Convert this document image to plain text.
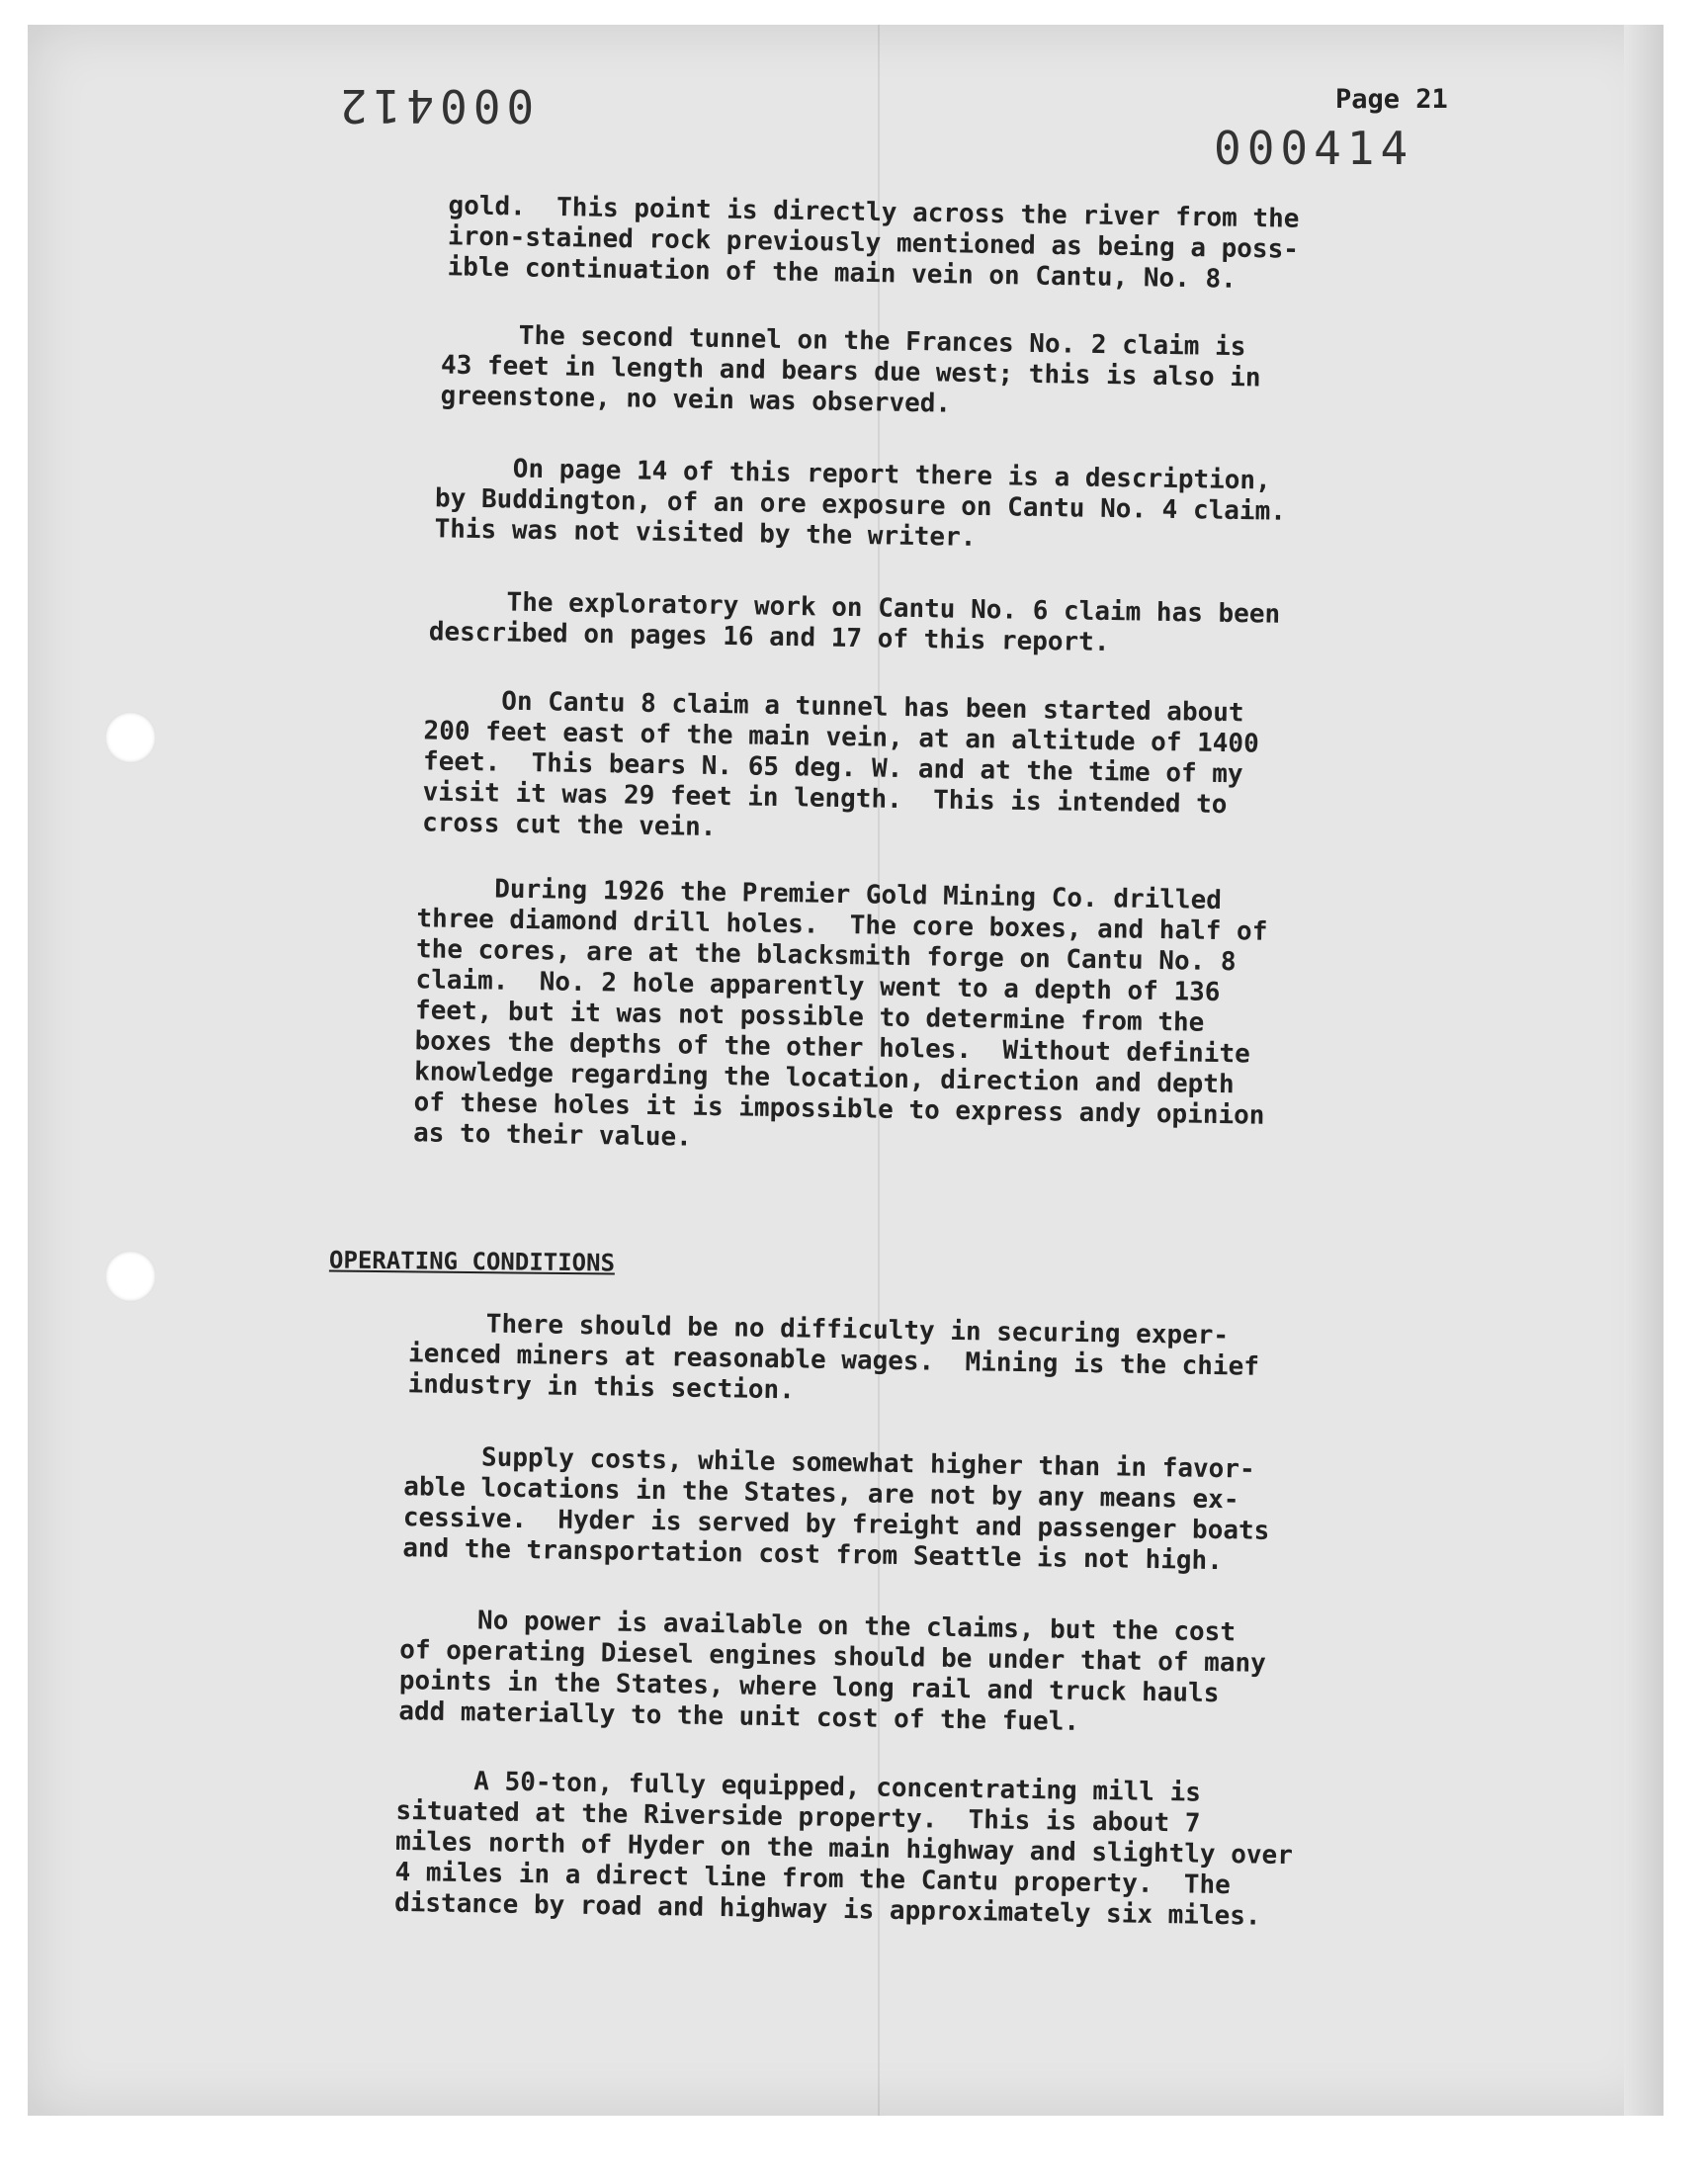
000412
000414
Page 21
gold.  This point is directly across the river from the
iron-stained rock previously mentioned as being a poss-
ible continuation of the main vein on Cantu, No. 8.
The second tunnel on the Frances No. 2 claim is
43 feet in length and bears due west; this is also in
greenstone, no vein was observed.
On page 14 of this report there is a description,
by Buddington, of an ore exposure on Cantu No. 4 claim.
This was not visited by the writer.
The exploratory work on Cantu No. 6 claim has been
described on pages 16 and 17 of this report.
On Cantu 8 claim a tunnel has been started about
200 feet east of the main vein, at an altitude of 1400
feet.  This bears N. 65 deg. W. and at the time of my
visit it was 29 feet in length.  This is intended to
cross cut the vein.
During 1926 the Premier Gold Mining Co. drilled
three diamond drill holes.  The core boxes, and half of
the cores, are at the blacksmith forge on Cantu No. 8
claim.  No. 2 hole apparently went to a depth of 136
feet, but it was not possible to determine from the
boxes the depths of the other holes.  Without definite
knowledge regarding the location, direction and depth
of these holes it is impossible to express andy opinion
as to their value.
OPERATING CONDITIONS
There should be no difficulty in securing exper-
ienced miners at reasonable wages.  Mining is the chief
industry in this section.
Supply costs, while somewhat higher than in favor-
able locations in the States, are not by any means ex-
cessive.  Hyder is served by freight and passenger boats
and the transportation cost from Seattle is not high.
No power is available on the claims, but the cost
of operating Diesel engines should be under that of many
points in the States, where long rail and truck hauls
add materially to the unit cost of the fuel.
A 50-ton, fully equipped, concentrating mill is
situated at the Riverside property.  This is about 7
miles north of Hyder on the main highway and slightly over
4 miles in a direct line from the Cantu property.  The
distance by road and highway is approximately six miles.
